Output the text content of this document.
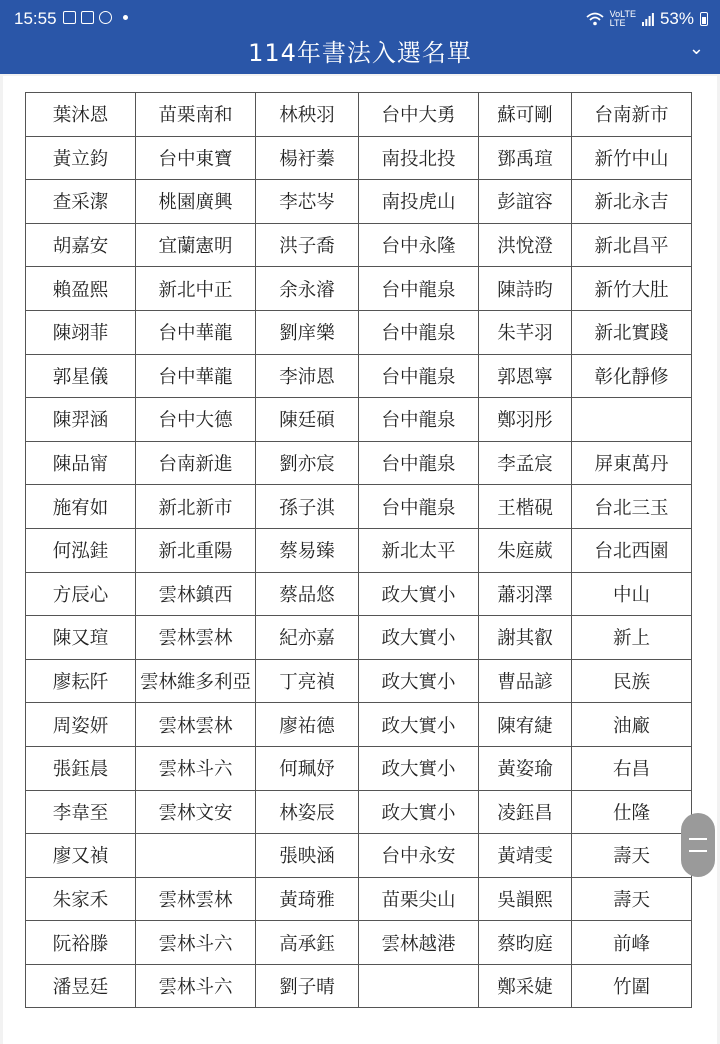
15:55	VoLTE
LTE	53%
114年書法入選名單	⌄
葉沐恩	苗栗南和	林秧羽	台中大勇	蘇可剛	台南新市
黃立鈞	台中東寶	楊衧蓁	南投北投	鄧禹瑄	新竹中山
查采潔	桃園廣興	李芯岑	南投虎山	彭誼容	新北永吉
胡嘉安	宜蘭憲明	洪子喬	台中永隆	洪悅澄	新北昌平
賴盈熙	新北中正	余永濬	台中龍泉	陳詩昀	新竹大肚
陳翊菲	台中華龍	劉庠樂	台中龍泉	朱芊羽	新北實踐
郭星儀	台中華龍	李沛恩	台中龍泉	郭恩寧	彰化靜修
陳羿涵	台中大德	陳廷碩	台中龍泉	鄭羽彤	
陳品甯	台南新進	劉亦宸	台中龍泉	李孟宸	屏東萬丹
施宥如	新北新市	孫子淇	台中龍泉	王楷硯	台北三玉
何泓銈	新北重陽	蔡易臻	新北太平	朱庭葳	台北西園
方辰心	雲林鎮西	蔡品悠	政大實小	蕭羽澤	中山
陳又瑄	雲林雲林	紀亦嘉	政大實小	謝其叡	新上
廖耘阡	雲林維多利亞	丁亮禎	政大實小	曹品諺	民族
周姿妍	雲林雲林	廖祐德	政大實小	陳宥緁	油廠
張鈺晨	雲林斗六	何珮妤	政大實小	黃姿瑜	右昌
李韋至	雲林文安	林姿辰	政大實小	凌鈺昌	仕隆
廖又禎		張映涵	台中永安	黃靖雯	壽天
朱家禾	雲林雲林	黃琦雅	苗栗尖山	吳韻熙	壽天
阮裕滕	雲林斗六	高承鈺	雲林越港	蔡昀庭	前峰
潘昱廷	雲林斗六	劉子晴		鄭采婕	竹圍
